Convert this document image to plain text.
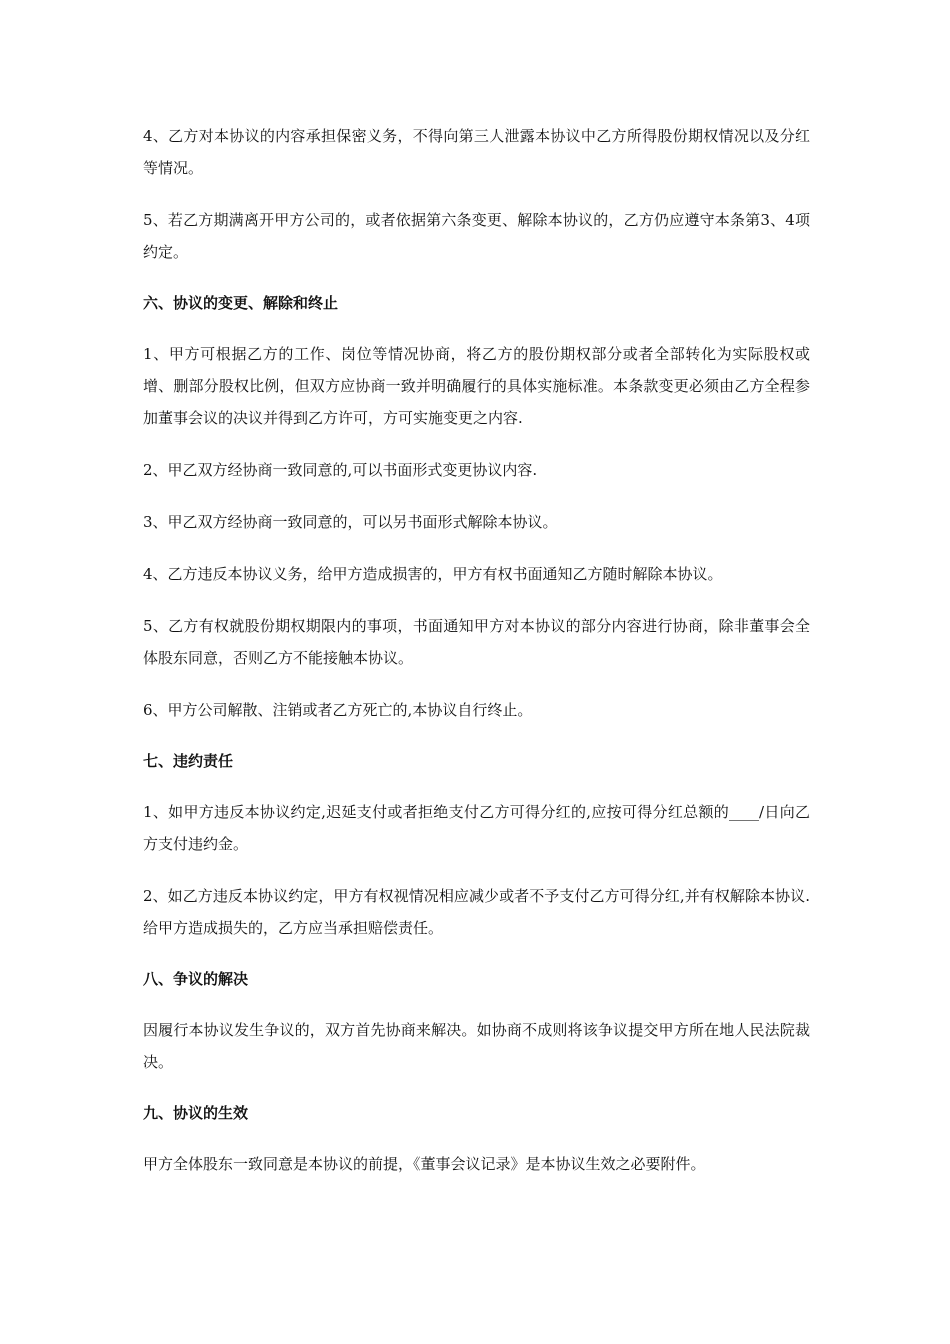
4、乙方对本协议的内容承担保密义务，不得向第三人泄露本协议中乙方所得股份期权情况以及分红等情况。

5、若乙方期满离开甲方公司的，或者依据第六条变更、解除本协议的，乙方仍应遵守本条第3、4项约定。

六、协议的变更、解除和终止

1、甲方可根据乙方的工作、岗位等情况协商，将乙方的股份期权部分或者全部转化为实际股权或增、删部分股权比例，但双方应协商一致并明确履行的具体实施标准。本条款变更必须由乙方全程参加董事会议的决议并得到乙方许可，方可实施变更之内容.

2、甲乙双方经协商一致同意的,可以书面形式变更协议内容.

3、甲乙双方经协商一致同意的，可以另书面形式解除本协议。

4、乙方违反本协议义务，给甲方造成损害的，甲方有权书面通知乙方随时解除本协议。

5、乙方有权就股份期权期限内的事项，书面通知甲方对本协议的部分内容进行协商，除非董事会全体股东同意，否则乙方不能接触本协议。

6、甲方公司解散、注销或者乙方死亡的,本协议自行终止。

七、违约责任

1、如甲方违反本协议约定,迟延支付或者拒绝支付乙方可得分红的,应按可得分红总额的____/日向乙方支付违约金。

2、如乙方违反本协议约定，甲方有权视情况相应减少或者不予支付乙方可得分红,并有权解除本协议.给甲方造成损失的，乙方应当承担赔偿责任。

八、争议的解决

因履行本协议发生争议的，双方首先协商来解决。如协商不成则将该争议提交甲方所在地人民法院裁决。

九、协议的生效

甲方全体股东一致同意是本协议的前提，《董事会议记录》是本协议生效之必要附件。
